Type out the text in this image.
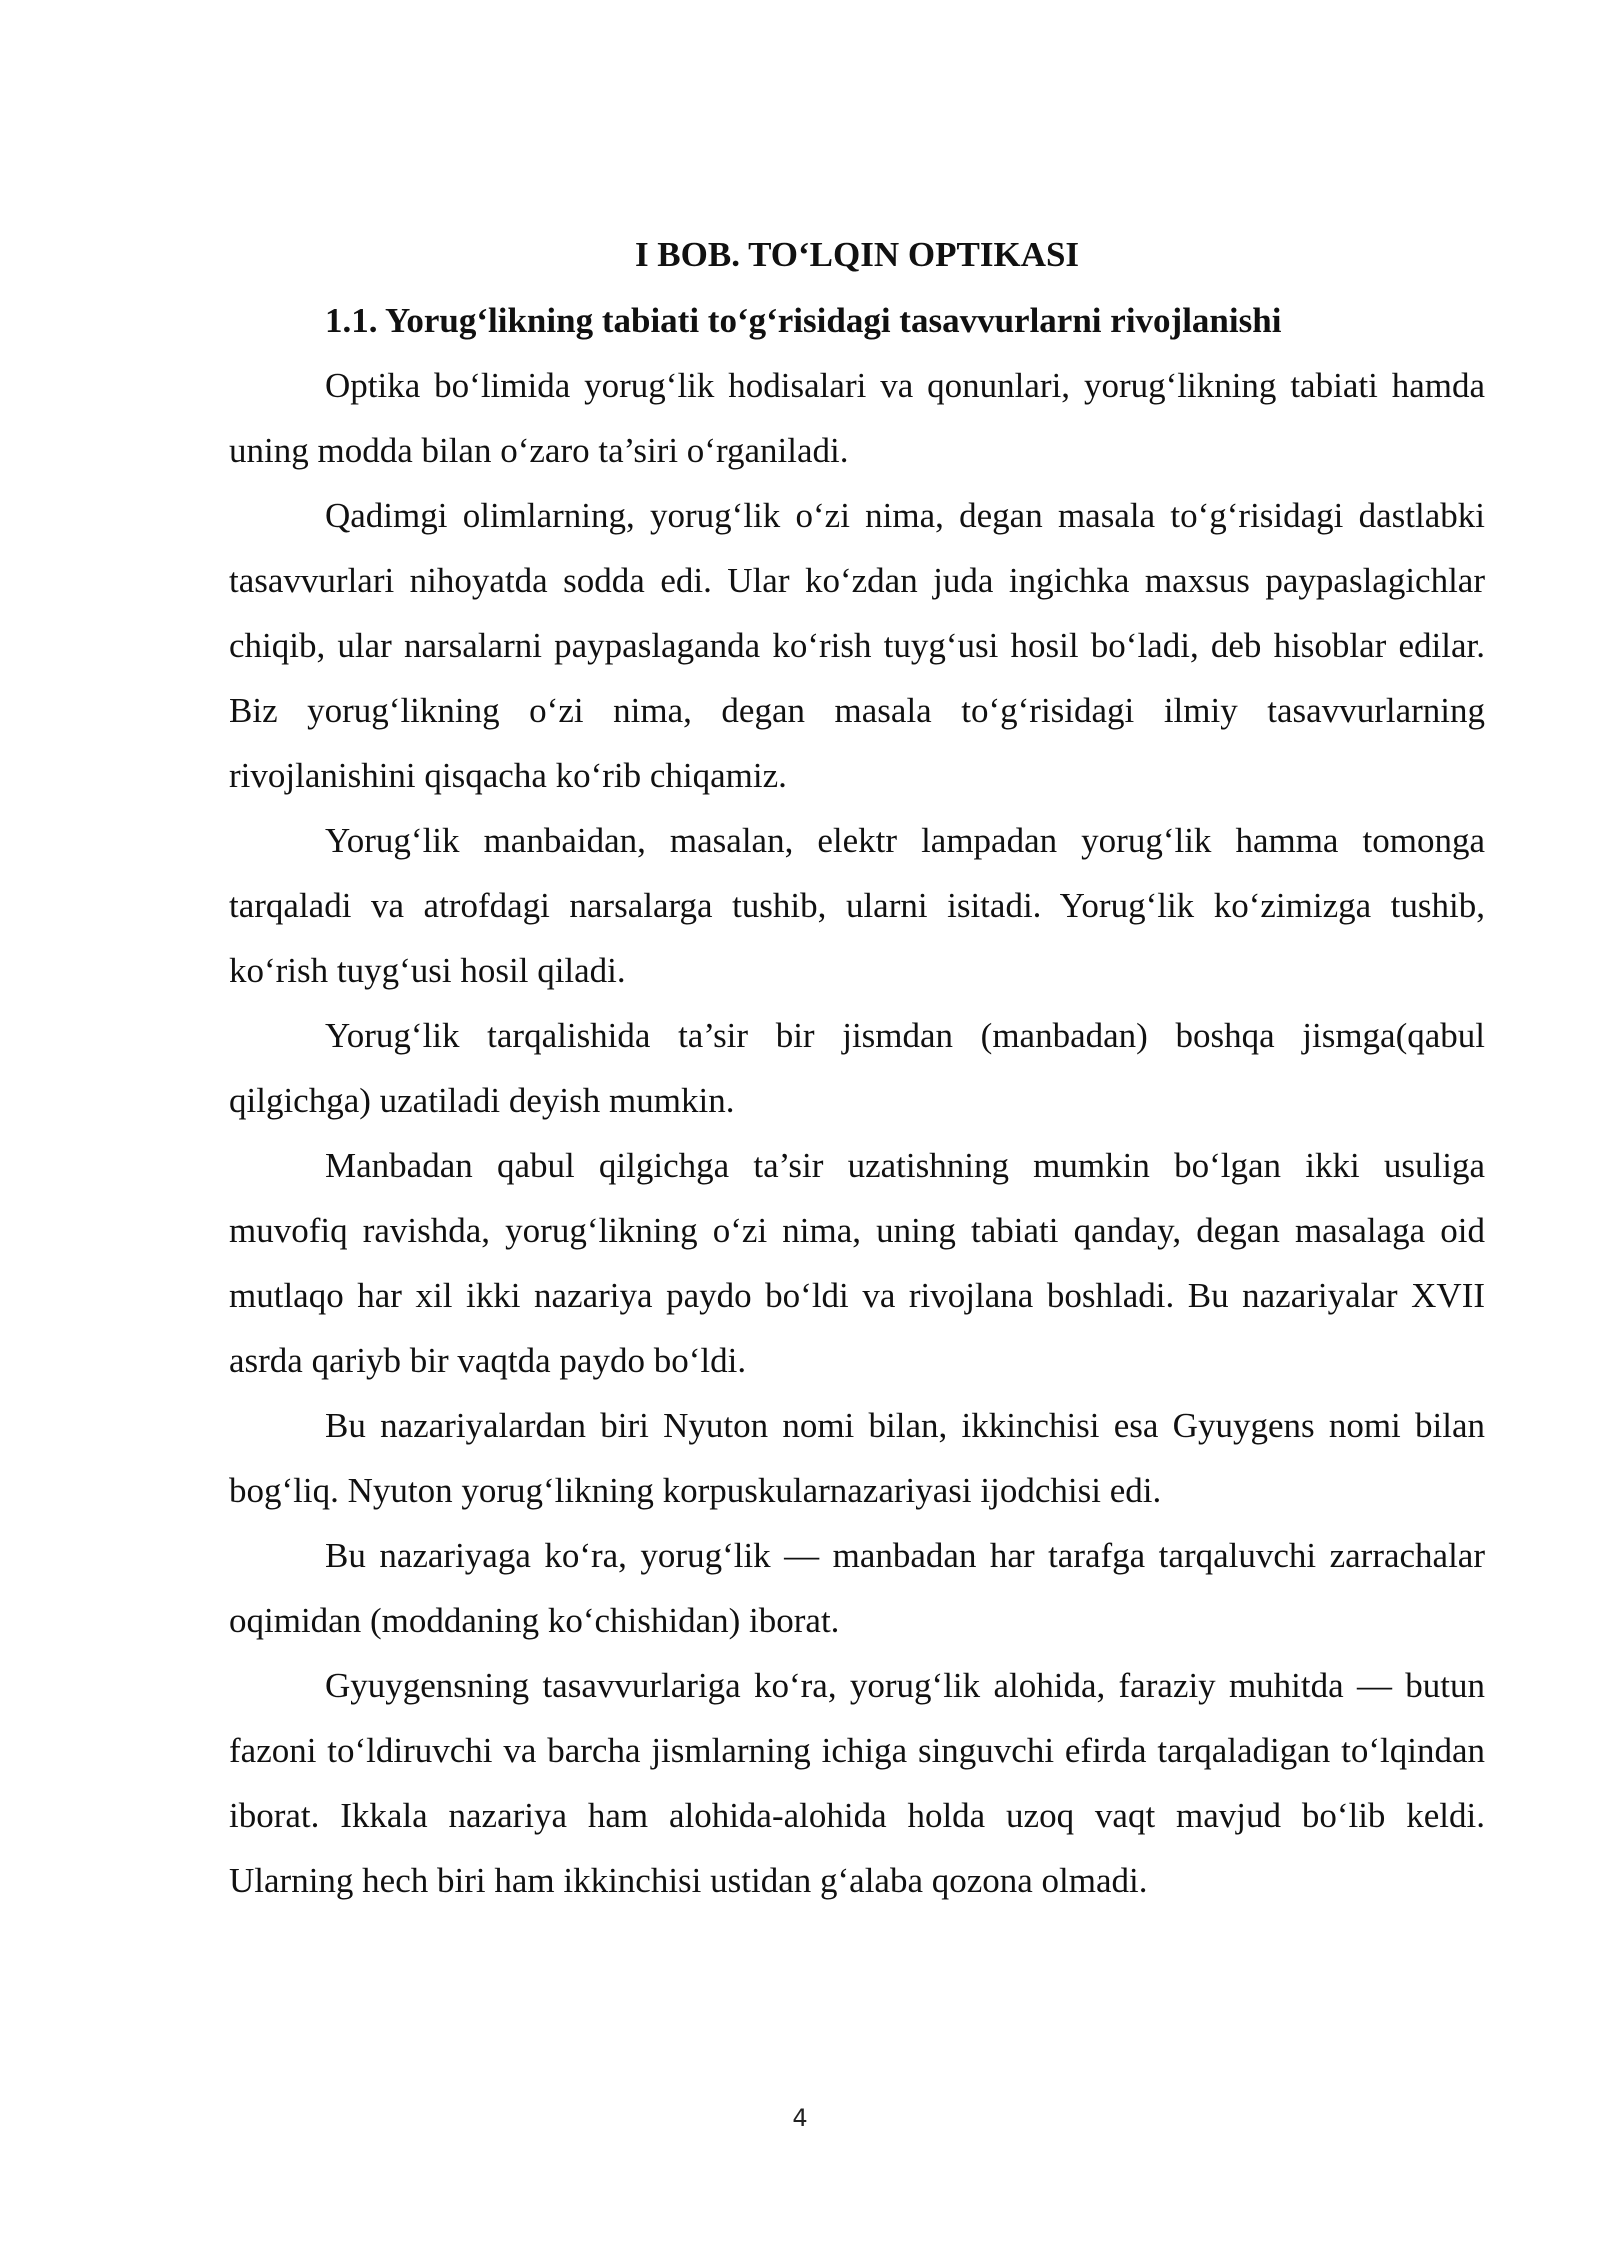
I BOB. TO‘LQIN OPTIKASI
1.1. Yorug‘likning tabiati to‘g‘risidagi tasavvurlarni rivojlanishi

Optika bo‘limida yorug‘lik hodisalari va qonunlari, yorug‘likning tabiati hamda uning modda bilan o‘zaro ta’siri o‘rganiladi.

Qadimgi olimlarning, yorug‘lik o‘zi nima, degan masala to‘g‘risidagi dastlabki tasavvurlari nihoyatda sodda edi. Ular ko‘zdan juda ingichka maxsus paypaslagichlar chiqib, ular narsalarni paypaslaganda ko‘rish tuyg‘usi hosil bo‘ladi, deb hisoblar edilar. Biz yorug‘likning o‘zi nima, degan masala to‘g‘risidagi ilmiy tasavvurlarning rivojlanishini qisqacha ko‘rib chiqamiz.

Yorug‘lik manbaidan, masalan, elektr lampadan yorug‘lik hamma tomonga tarqaladi va atrofdagi narsalarga tushib, ularni isitadi. Yorug‘lik ko‘zimizga tushib, ko‘rish tuyg‘usi hosil qiladi.

Yorug‘lik tarqalishida ta’sir bir jismdan (manbadan) boshqa jismga(qabul qilgichga) uzatiladi deyish mumkin.

Manbadan qabul qilgichga ta’sir uzatishning mumkin bo‘lgan ikki usuliga muvofiq ravishda, yorug‘likning o‘zi nima, uning tabiati qanday, degan masalaga oid mutlaqo har xil ikki nazariya paydo bo‘ldi va rivojlana boshladi. Bu nazariyalar XVII asrda qariyb bir vaqtda paydo bo‘ldi.

Bu nazariyalardan biri Nyuton nomi bilan, ikkinchisi esa Gyuygens nomi bilan bog‘liq. Nyuton yorug‘likning korpuskularnazariyasi ijodchisi edi.

Bu nazariyaga ko‘ra, yorug‘lik — manbadan har tarafga tarqaluvchi zarrachalar oqimidan (moddaning ko‘chishidan) iborat.

Gyuygensning tasavvurlariga ko‘ra, yorug‘lik alohida, faraziy muhitda — butun fazoni to‘ldiruvchi va barcha jismlarning ichiga singuvchi efirda tarqaladigan to‘lqindan iborat. Ikkala nazariya ham alohida-alohida holda uzoq vaqt mavjud bo‘lib keldi. Ularning hech biri ham ikkinchisi ustidan g‘alaba qozona olmadi.

4
